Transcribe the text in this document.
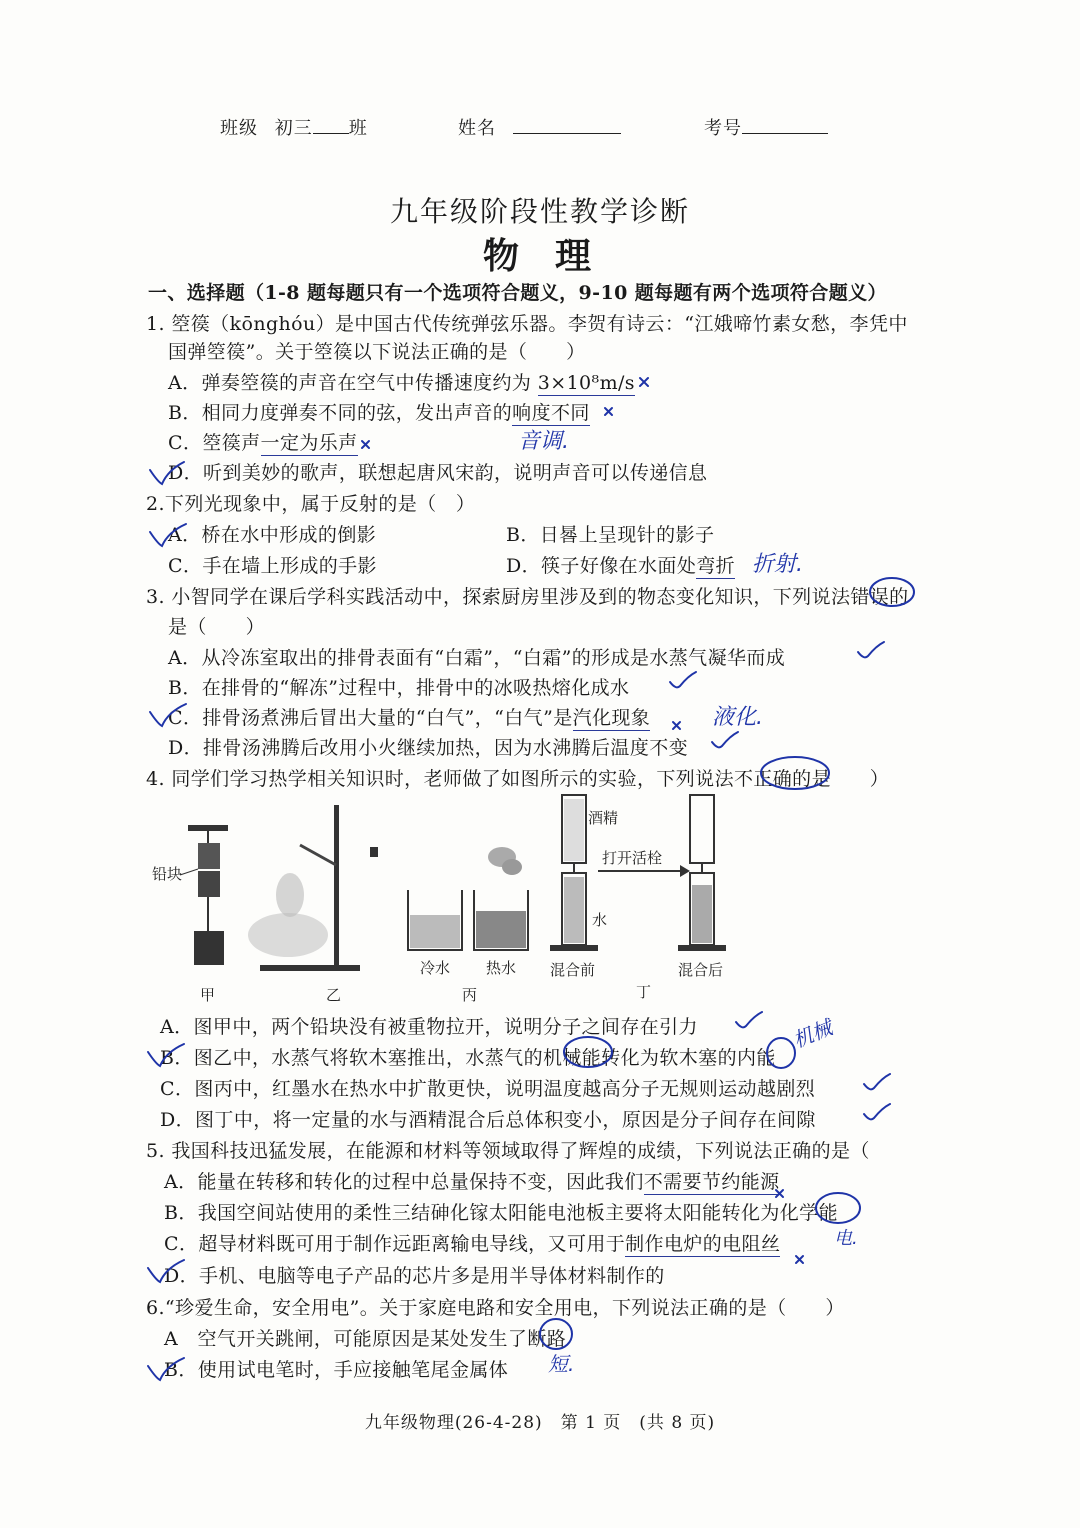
班级 初三 班	姓名	考号
九年级阶段性教学诊断
物理
一、选择题（1-8 题每题只有一个选项符合题义，9-10 题每题有两个选项符合题义）
1. 箜篌（kōnghóu）是中国古代传统弹弦乐器。李贺有诗云：“江娥啼竹素女愁，李凭中
国弹箜篌”。关于箜篌以下说法正确的是（　　）
A．弹奏箜篌的声音在空气中传播速度约为 3×10⁸m/s
B．相同力度弹奏不同的弦，发出声音的响度不同
C．箜篌声一定为乐声	音调.
D．听到美妙的歌声，联想起唐风宋韵，说明声音可以传递信息
2.下列光现象中，属于反射的是（　）
A．桥在水中形成的倒影	B．日晷上呈现针的影子
C．手在墙上形成的手影	D．筷子好像在水面处弯折 折射.
3. 小智同学在课后学科实践活动中，探索厨房里涉及到的物态变化知识，下列说法错误的
是（　　）
A．从冷冻室取出的排骨表面有“白霜”，“白霜”的形成是水蒸气凝华而成
B．在排骨的“解冻”过程中，排骨中的冰吸热熔化成水
C．排骨汤煮沸后冒出大量的“白气”，“白气”是汽化现象	液化.
D．排骨汤沸腾后改用小火继续加热，因为水沸腾后温度不变
4. 同学们学习热学相关知识时，老师做了如图所示的实验，下列说法不正确的是　　）
铅块
甲	乙
冷水 热水
丙
酒精
水
混合前
打开活栓
混合后
丁
A．图甲中，两个铅块没有被重物拉开，说明分子之间存在引力	机械
B．图乙中，水蒸气将软木塞推出，水蒸气的机械能转化为软木塞的内能
C．图丙中，红墨水在热水中扩散更快，说明温度越高分子无规则运动越剧烈
D．图丁中，将一定量的水与酒精混合后总体积变小，原因是分子间存在间隙
5. 我国科技迅猛发展，在能源和材料等领域取得了辉煌的成绩，下列说法正确的是（
A．能量在转移和转化的过程中总量保持不变，因此我们不需要节约能源
B．我国空间站使用的柔性三结砷化镓太阳能电池板主要将太阳能转化为化学能
C．超导材料既可用于制作远距离输电导线，又可用于制作电炉的电阻丝	电.
D．手机、电脑等电子产品的芯片多是用半导体材料制作的
6.“珍爱生命，安全用电”。关于家庭电路和安全用电，下列说法正确的是（　　）
A　空气开关跳闸，可能原因是某处发生了断路
B．使用试电笔时，手应接触笔尾金属体 短.
九年级物理(26-4-28)　第 1 页　(共 8 页)
